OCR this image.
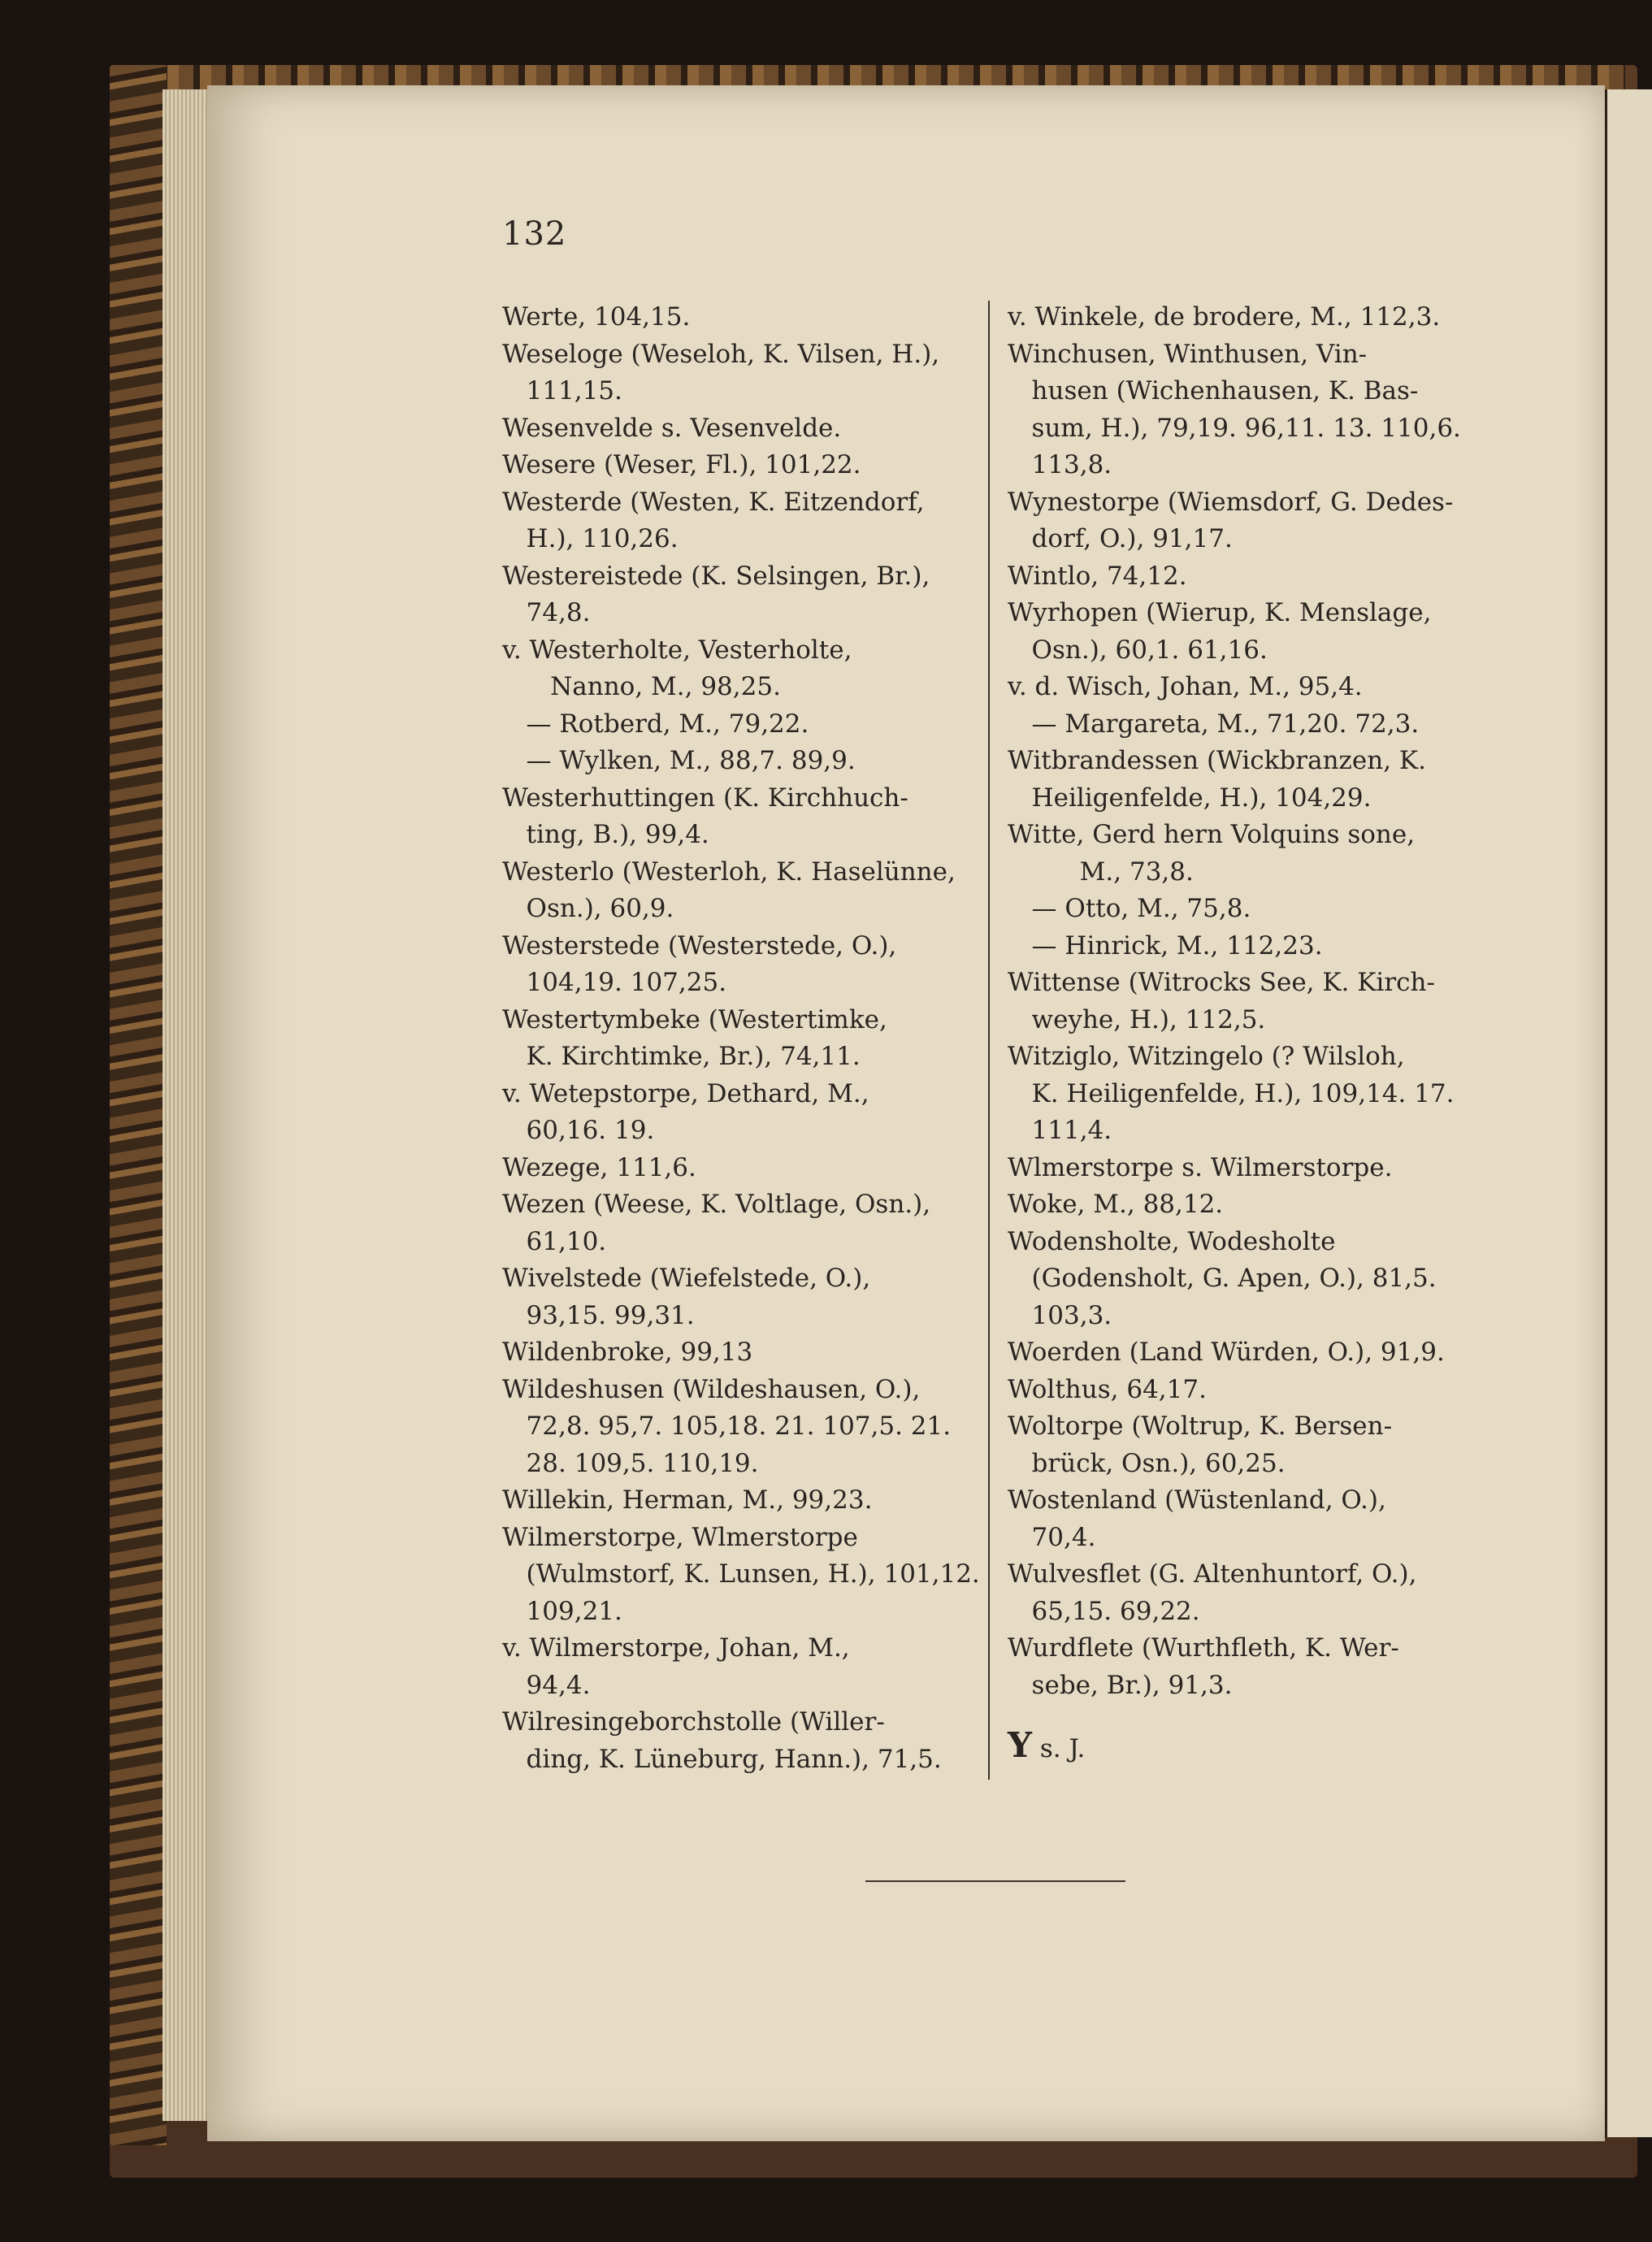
132
Werte, 104,15.
Weseloge (Weseloh, K. Vilsen, H.),
111,15.
Wesenvelde s. Vesenvelde.
Wesere (Weser, Fl.), 101,22.
Westerde (Westen, K. Eitzendorf,
H.), 110,26.
Westereistede (K. Selsingen, Br.),
74,8.
v. Westerholte, Vesterholte,
Nanno, M., 98,25.
— Rotberd, M., 79,22.
— Wylken, M., 88,7. 89,9.
Westerhuttingen (K. Kirchhuch-
ting, B.), 99,4.
Westerlo (Westerloh, K. Haselünne,
Osn.), 60,9.
Westerstede (Westerstede, O.),
104,19. 107,25.
Westertymbeke (Westertimke,
K. Kirchtimke, Br.), 74,11.
v. Wetepstorpe, Dethard, M.,
60,16. 19.
Wezege, 111,6.
Wezen (Weese, K. Voltlage, Osn.),
61,10.
Wivelstede (Wiefelstede, O.),
93,15. 99,31.
Wildenbroke, 99,13
Wildeshusen (Wildeshausen, O.),
72,8. 95,7. 105,18. 21. 107,5. 21.
28. 109,5. 110,19.
Willekin, Herman, M., 99,23.
Wilmerstorpe, Wlmerstorpe
(Wulmstorf, K. Lunsen, H.), 101,12.
109,21.
v. Wilmerstorpe, Johan, M.,
94,4.
Wilresingeborchstolle (Willer-
ding, K. Lüneburg, Hann.), 71,5.
v. Winkele, de brodere, M., 112,3.
Winchusen, Winthusen, Vin-
husen (Wichenhausen, K. Bas-
sum, H.), 79,19. 96,11. 13. 110,6.
113,8.
Wynestorpe (Wiemsdorf, G. Dedes-
dorf, O.), 91,17.
Wintlo, 74,12.
Wyrhopen (Wierup, K. Menslage,
Osn.), 60,1. 61,16.
v. d. Wisch, Johan, M., 95,4.
— Margareta, M., 71,20. 72,3.
Witbrandessen (Wickbranzen, K.
Heiligenfelde, H.), 104,29.
Witte, Gerd hern Volquins sone,
M., 73,8.
— Otto, M., 75,8.
— Hinrick, M., 112,23.
Wittense (Witrocks See, K. Kirch-
weyhe, H.), 112,5.
Witziglo, Witzingelo (? Wilsloh,
K. Heiligenfelde, H.), 109,14. 17.
111,4.
Wlmerstorpe s. Wilmerstorpe.
Woke, M., 88,12.
Wodensholte, Wodesholte
(Godensholt, G. Apen, O.), 81,5.
103,3.
Woerden (Land Würden, O.), 91,9.
Wolthus, 64,17.
Woltorpe (Woltrup, K. Bersen-
brück, Osn.), 60,25.
Wostenland (Wüstenland, O.),
70,4.
Wulvesflet (G. Altenhuntorf, O.),
65,15. 69,22.
Wurdflete (Wurthfleth, K. Wer-
sebe, Br.), 91,3.
Y s. J.
